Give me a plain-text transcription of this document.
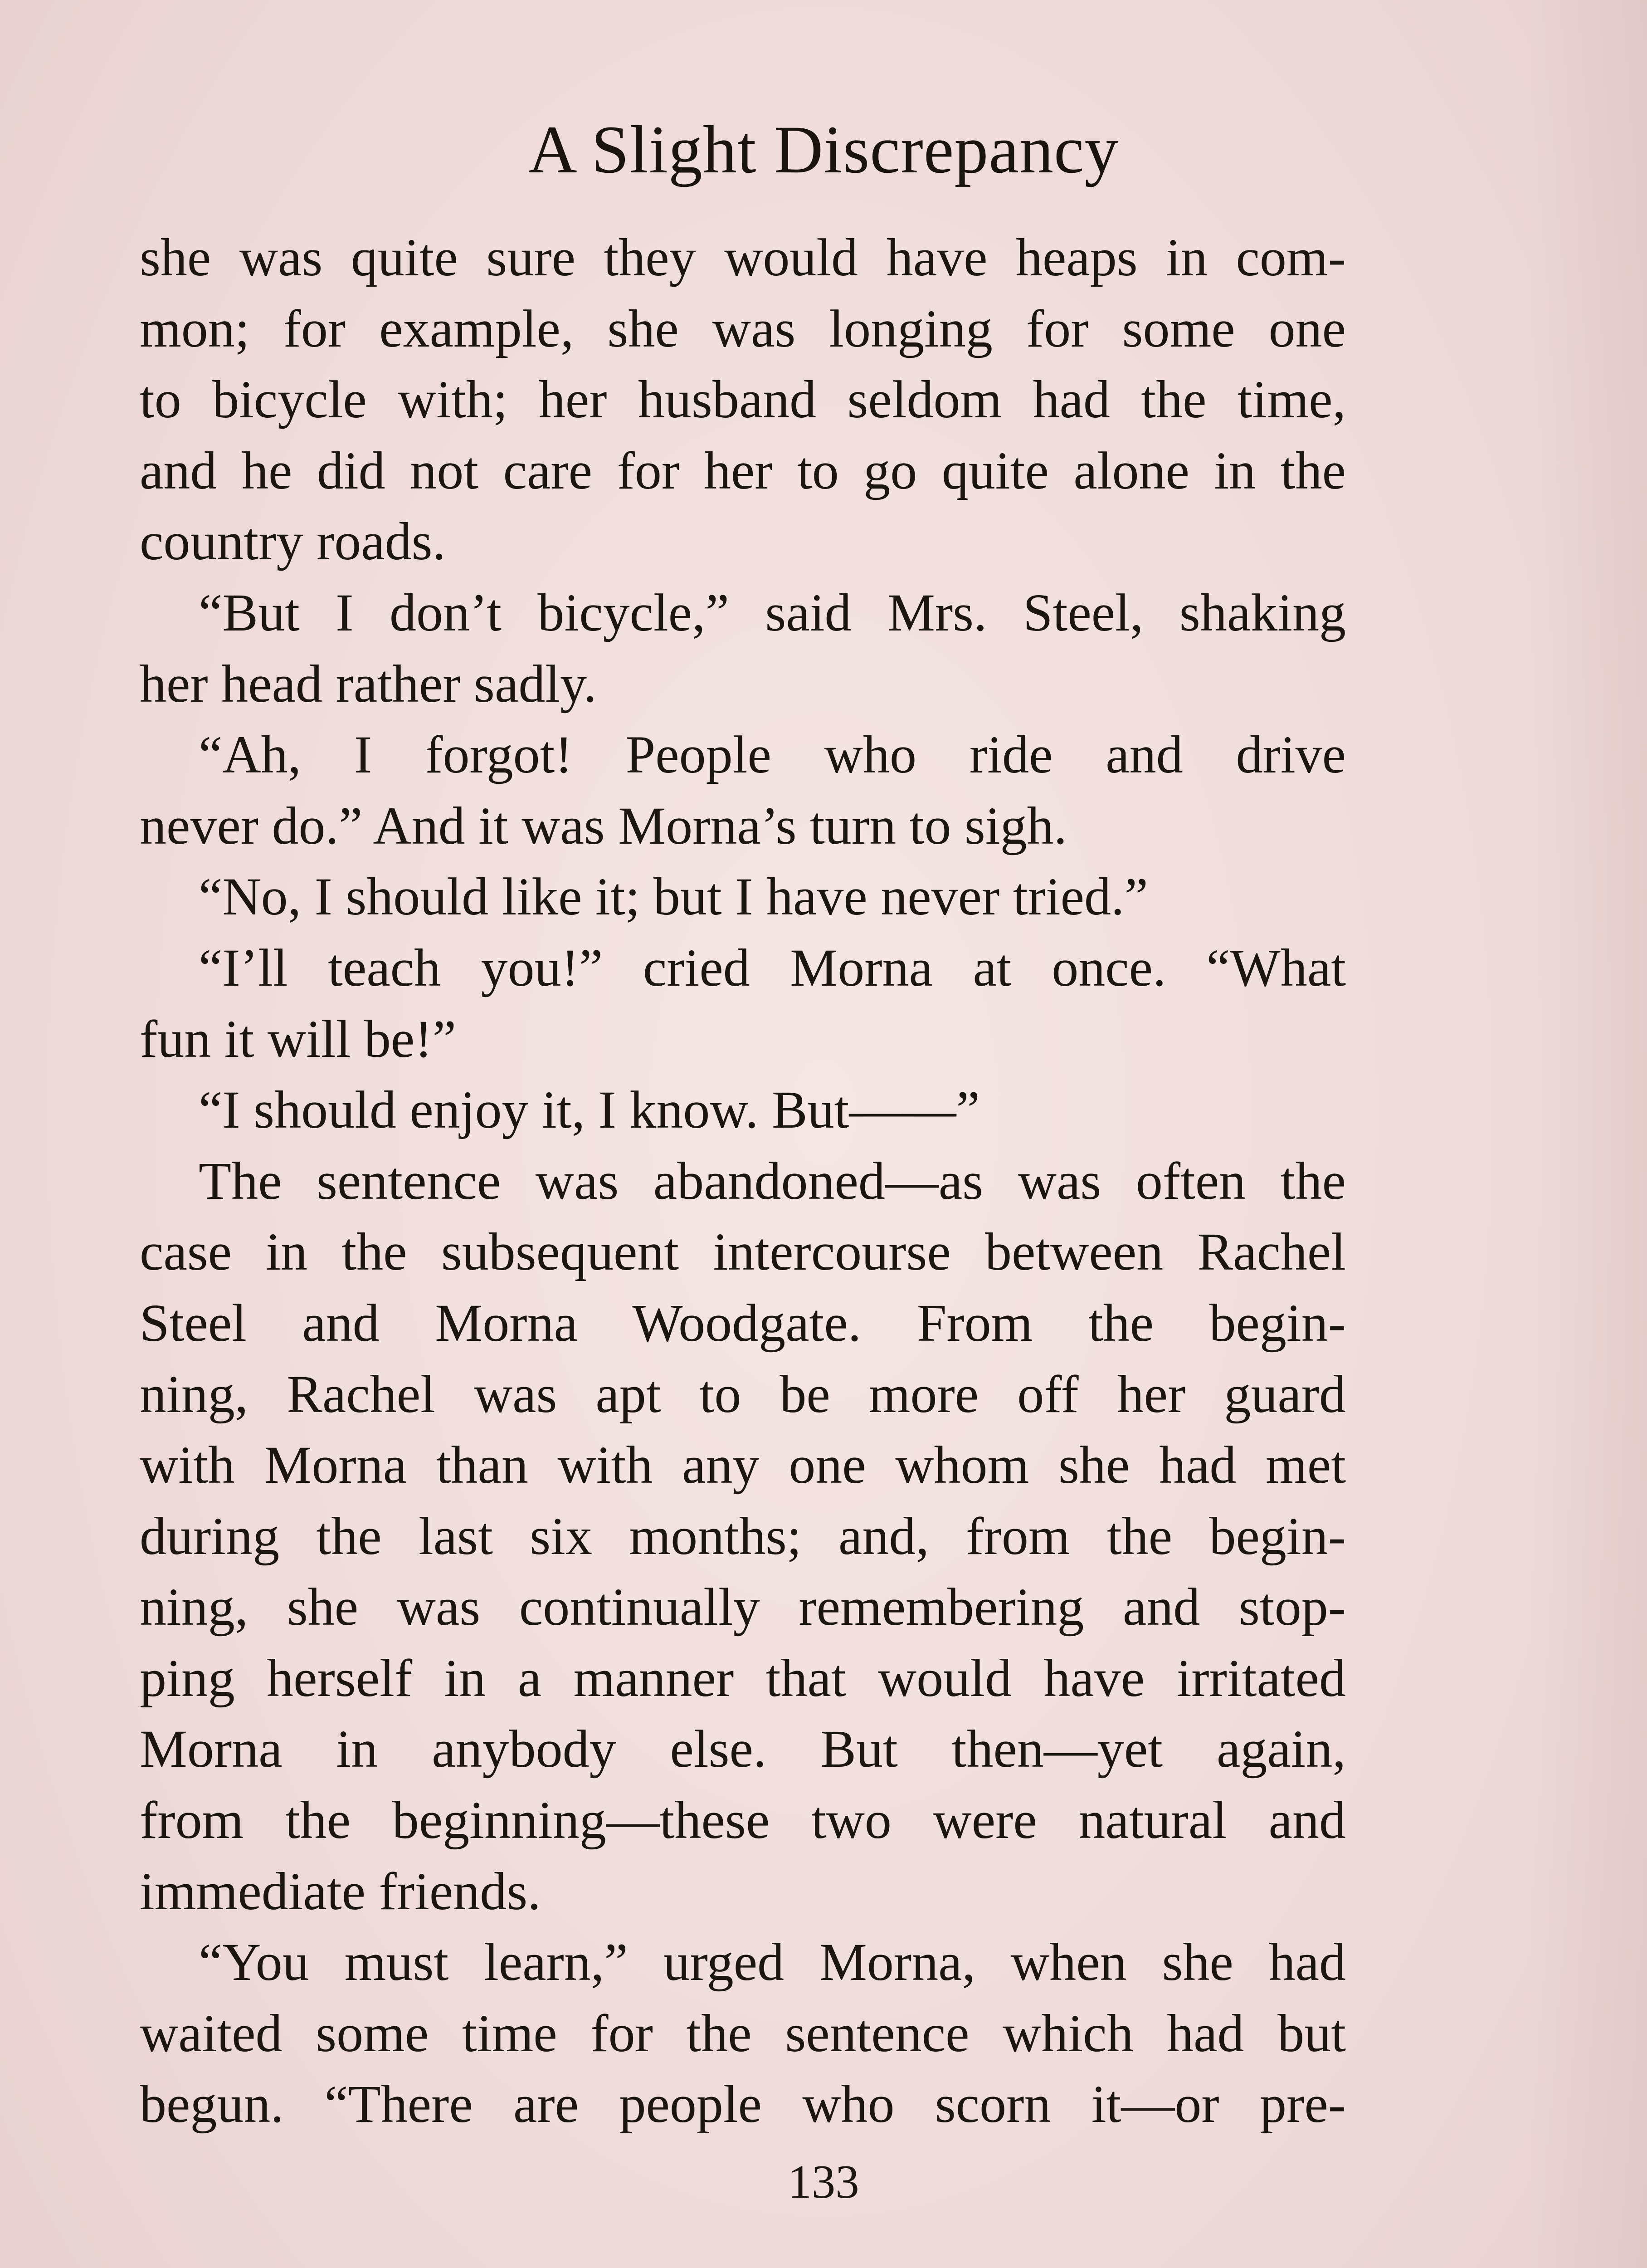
A Slight Discrepancy
she was quite sure they would have heaps in com-
mon; for example, she was longing for some one
to bicycle with; her husband seldom had the time,
and he did not care for her to go quite alone in the
country roads.
“But I don’t bicycle,” said Mrs. Steel, shaking
her head rather sadly.
“Ah, I forgot! People who ride and drive
never do.” And it was Morna’s turn to sigh.
“No, I should like it; but I have never tried.”
“I’ll teach you!” cried Morna at once. “What
fun it will be!”
“I should enjoy it, I know. But——”
The sentence was abandoned—as was often the
case in the subsequent intercourse between Rachel
Steel and Morna Woodgate. From the begin-
ning, Rachel was apt to be more off her guard
with Morna than with any one whom she had met
during the last six months; and, from the begin-
ning, she was continually remembering and stop-
ping herself in a manner that would have irritated
Morna in anybody else. But then—yet again,
from the beginning—these two were natural and
immediate friends.
“You must learn,” urged Morna, when she had
waited some time for the sentence which had but
begun. “There are people who scorn it—or pre-
133
